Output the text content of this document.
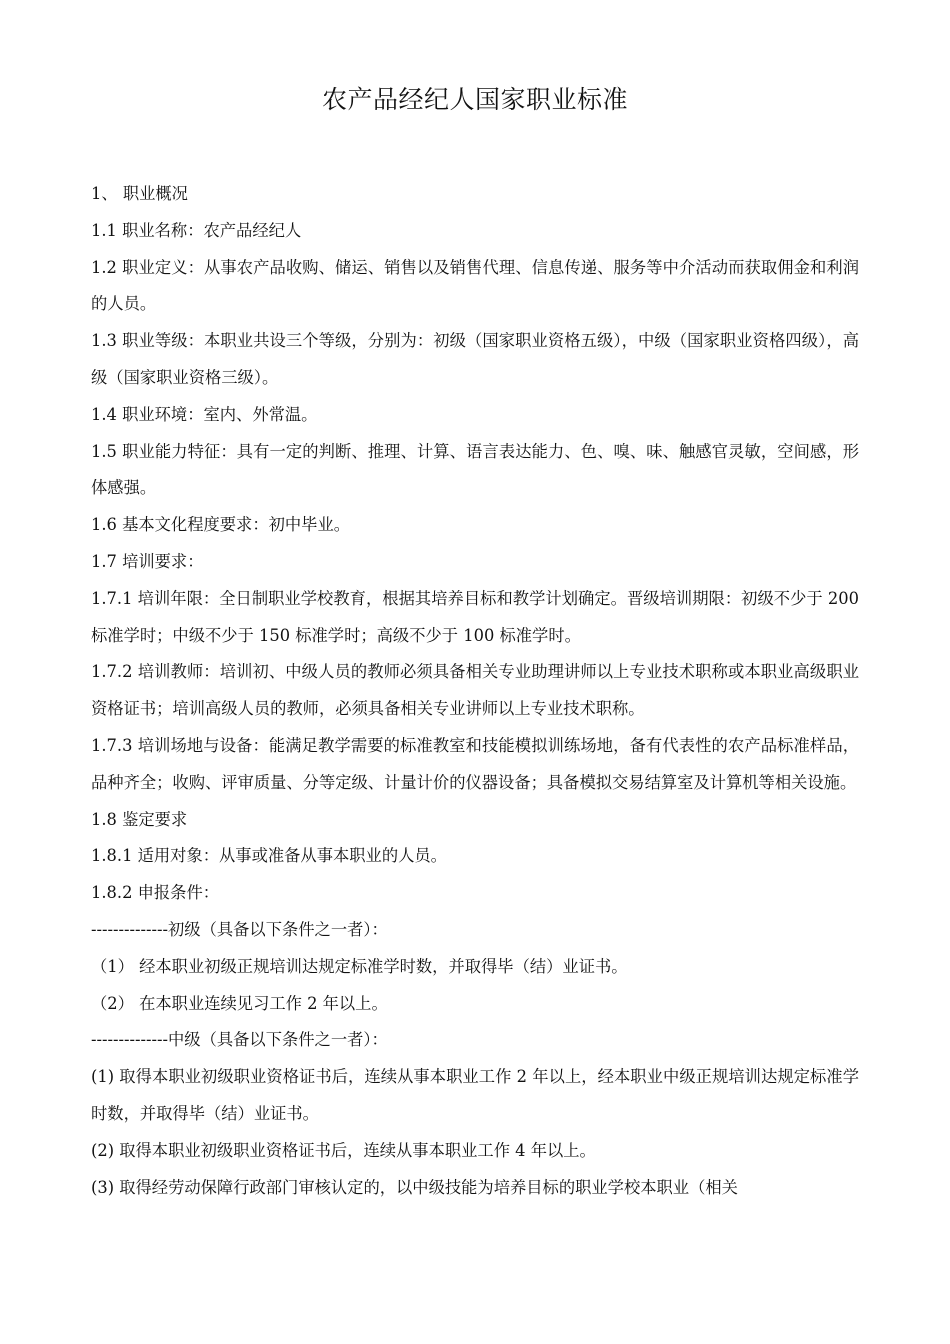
农产品经纪人国家职业标准

1、 职业概况

1.1 职业名称：农产品经纪人

1.2 职业定义：从事农产品收购、储运、销售以及销售代理、信息传递、服务等中介活动而获取佣金和利润的人员。

1.3 职业等级：本职业共设三个等级，分别为：初级（国家职业资格五级），中级（国家职业资格四级），高级（国家职业资格三级）。

1.4 职业环境：室内、外常温。

1.5 职业能力特征：具有一定的判断、推理、计算、语言表达能力、色、嗅、味、触感官灵敏，空间感，形体感强。

1.6 基本文化程度要求：初中毕业。

1.7 培训要求：

1.7.1 培训年限：全日制职业学校教育，根据其培养目标和教学计划确定。晋级培训期限：初级不少于 200 标准学时；中级不少于 150 标准学时；高级不少于 100 标准学时。

1.7.2 培训教师：培训初、中级人员的教师必须具备相关专业助理讲师以上专业技术职称或本职业高级职业资格证书；培训高级人员的教师，必须具备相关专业讲师以上专业技术职称。

1.7.3 培训场地与设备：能满足教学需要的标准教室和技能模拟训练场地，备有代表性的农产品标准样品，品种齐全；收购、评审质量、分等定级、计量计价的仪器设备；具备模拟交易结算室及计算机等相关设施。

1.8 鉴定要求

1.8.1 适用对象：从事或准备从事本职业的人员。

1.8.2 申报条件：

--------------初级（具备以下条件之一者）：

（1） 经本职业初级正规培训达规定标准学时数，并取得毕（结）业证书。

（2） 在本职业连续见习工作 2 年以上。

--------------中级（具备以下条件之一者）：

(1) 取得本职业初级职业资格证书后，连续从事本职业工作 2 年以上，经本职业中级正规培训达规定标准学时数，并取得毕（结）业证书。

(2) 取得本职业初级职业资格证书后，连续从事本职业工作 4 年以上。

(3) 取得经劳动保障行政部门审核认定的，以中级技能为培养目标的职业学校本职业（相关
